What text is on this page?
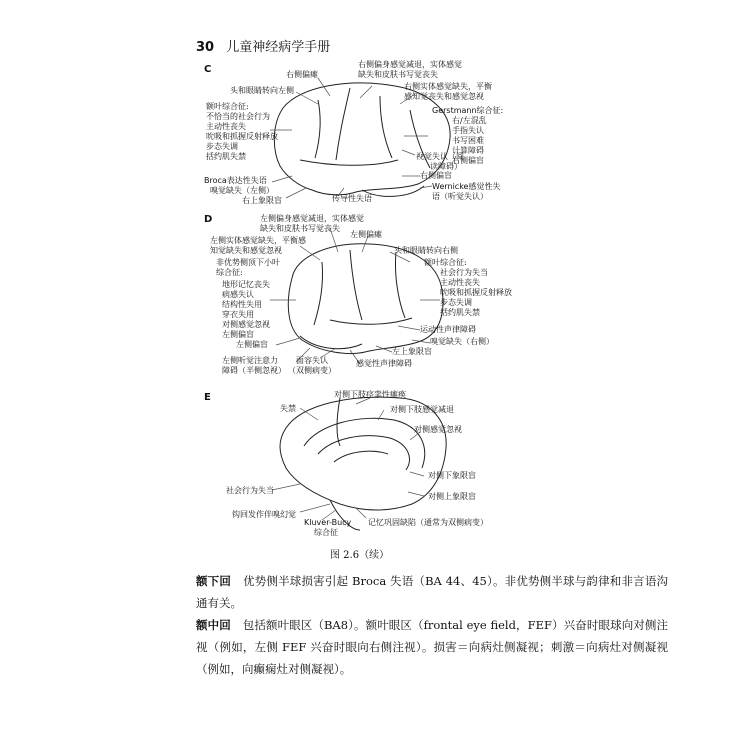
30 儿童神经病学手册
C	右侧偏瘫
右侧偏身感觉减退，实体感觉
缺失和皮肤书写觉丧失
头和眼睛转向左侧	右侧实体感觉缺失，平衡
感知觉丧失和感觉忽视
额叶综合征:
不恰当的社会行为
主动性丧失
吮吸和抓握反射释放
步态失调
括约肌失禁
Gerstmann综合征:
右/左混乱
手指失认
书写困难
计算障碍
右侧偏盲
视觉失认（阅
读障碍）
右侧偏盲
Broca表达性失语
嗅觉缺失（左侧）	Wernicke感觉性失
语（听觉失认）
右上象限盲	传导性失语
D	左侧偏身感觉减退，实体感觉
缺失和皮肤书写觉丧失
左侧偏瘫
左侧实体感觉缺失，平衡感
知觉缺失和感觉忽视	头和眼睛转向右侧
非优势侧顶下小叶
综合征:
地形记忆丧失
病感失认
结构性失用
穿衣失用
对侧感觉忽视
左侧偏盲
额叶综合征:
社会行为失当
主动性丧失
吮吸和抓握反射释放
步态失调
括约肌失禁
运动性声律障碍
嗅觉缺失（右侧）
左侧偏盲
左上象限盲
左侧听觉注意力
障碍（半侧忽视）
面容失认
（双侧病变）
感觉性声律障碍
E	对侧下肢痉挛性瘫痪
失禁	对侧下肢感觉减退
对侧感觉忽视
对侧下象限盲
社会行为失当
对侧上象限盲
钩回发作伴嗅幻觉
Kluver-Bucy
综合征
记忆巩固缺陷（通常为双侧病变）
图 2.6（续）
额下回 优势侧半球损害引起 Broca 失语（BA 44、45）。非优势侧半球与韵律和非言语沟通有关。
额中回 包括额叶眼区（BA8）。额叶眼区（frontal eye field，FEF）兴奋时眼球向对侧注视（例如，左侧 FEF 兴奋时眼向右侧注视）。损害＝向病灶侧凝视；刺激＝向病灶对侧凝视（例如，向癫痫灶对侧凝视）。
